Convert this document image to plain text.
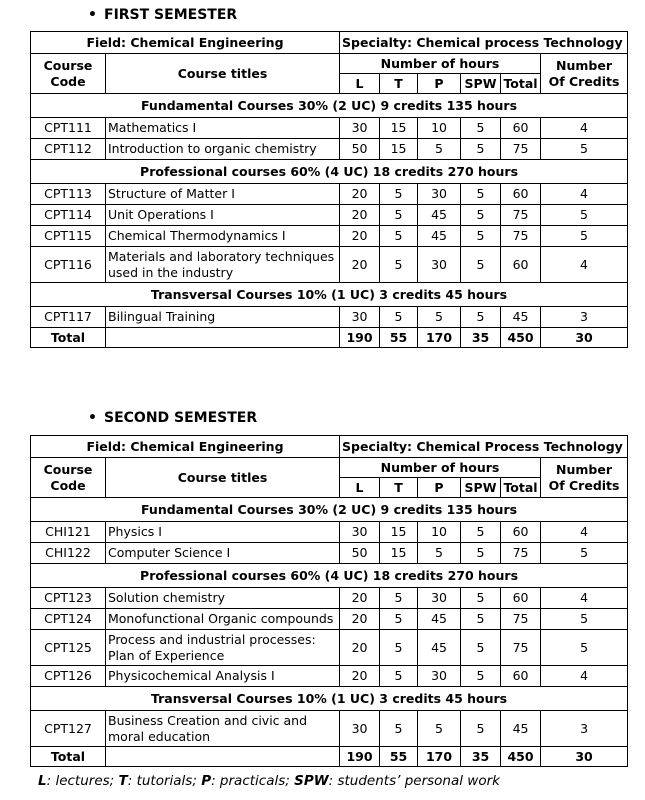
• FIRST SEMESTER
Field: Chemical Engineering		Specialty: Chemical process Technology					
Course
Code	Course titles	Number of hours					Number
Of Credits
		L	T	P	SPW	Total	
Fundamental Courses 30% (2 UC) 9 credits 135 hours							
CPT111	Mathematics I	30	15	10	5	60	4
CPT112	Introduction to organic chemistry	50	15	5	5	75	5
Professional courses 60% (4 UC) 18 credits 270 hours							
CPT113	Structure of Matter I	20	5	30	5	60	4
CPT114	Unit Operations I	20	5	45	5	75	5
CPT115	Chemical Thermodynamics I	20	5	45	5	75	5
CPT116	Materials and laboratory techniques used in the industry	20	5	30	5	60	4
Transversal Courses 10% (1 UC) 3 credits 45 hours							
CPT117	Bilingual Training	30	5	5	5	45	3
Total		190	55	170	35	450	30
• SECOND SEMESTER
Field: Chemical Engineering		Specialty: Chemical Process Technology					
Course
Code	Course titles	Number of hours					Number
Of Credits
		L	T	P	SPW	Total	
Fundamental Courses 30% (2 UC) 9 credits 135 hours							
CHI121	Physics I	30	15	10	5	60	4
CHI122	Computer Science I	50	15	5	5	75	5
Professional courses 60% (4 UC) 18 credits 270 hours							
CPT123	Solution chemistry	20	5	30	5	60	4
CPT124	Monofunctional Organic compounds	20	5	45	5	75	5
CPT125	Process and industrial processes: Plan of Experience	20	5	45	5	75	5
CPT126	Physicochemical Analysis I	20	5	30	5	60	4
Transversal Courses 10% (1 UC) 3 credits 45 hours							
CPT127	Business Creation and civic and moral education	30	5	5	5	45	3
Total		190	55	170	35	450	30
L: lectures; T: tutorials; P: practicals; SPW: students’ personal work
